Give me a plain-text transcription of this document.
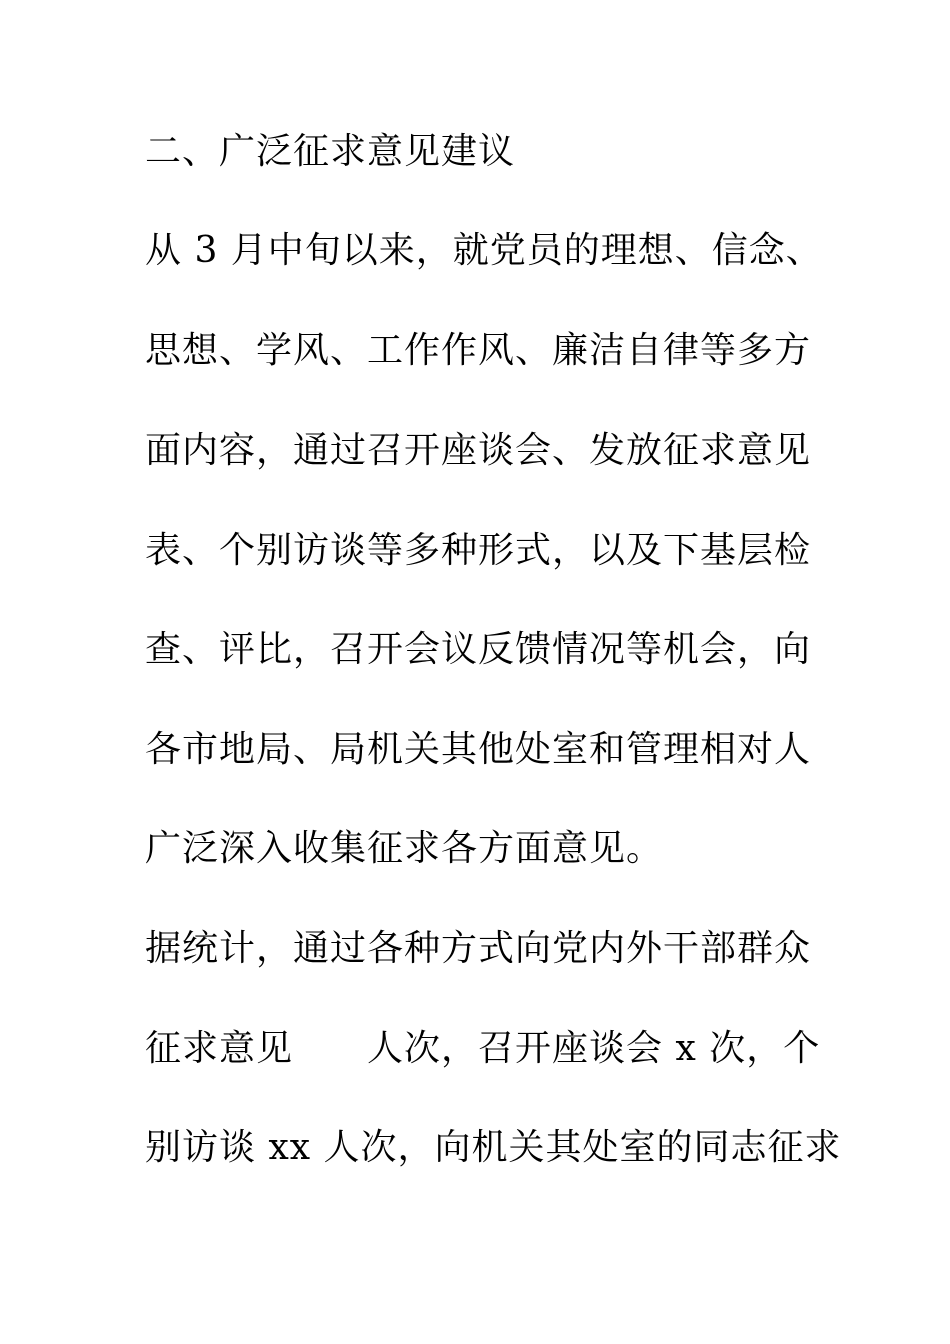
二、广泛征求意见建议
从 3 月中旬以来，就党员的理想、信念、
思想、学风、工作作风、廉洁自律等多方
面内容，通过召开座谈会、发放征求意见
表、个别访谈等多种形式，以及下基层检
查、评比，召开会议反馈情况等机会，向
各市地局、局机关其他处室和管理相对人
广泛深入收集征求各方面意见。
据统计，通过各种方式向党内外干部群众
征求意见　　人次，召开座谈会 x 次，个
别访谈 xx 人次，向机关其处室的同志征求
